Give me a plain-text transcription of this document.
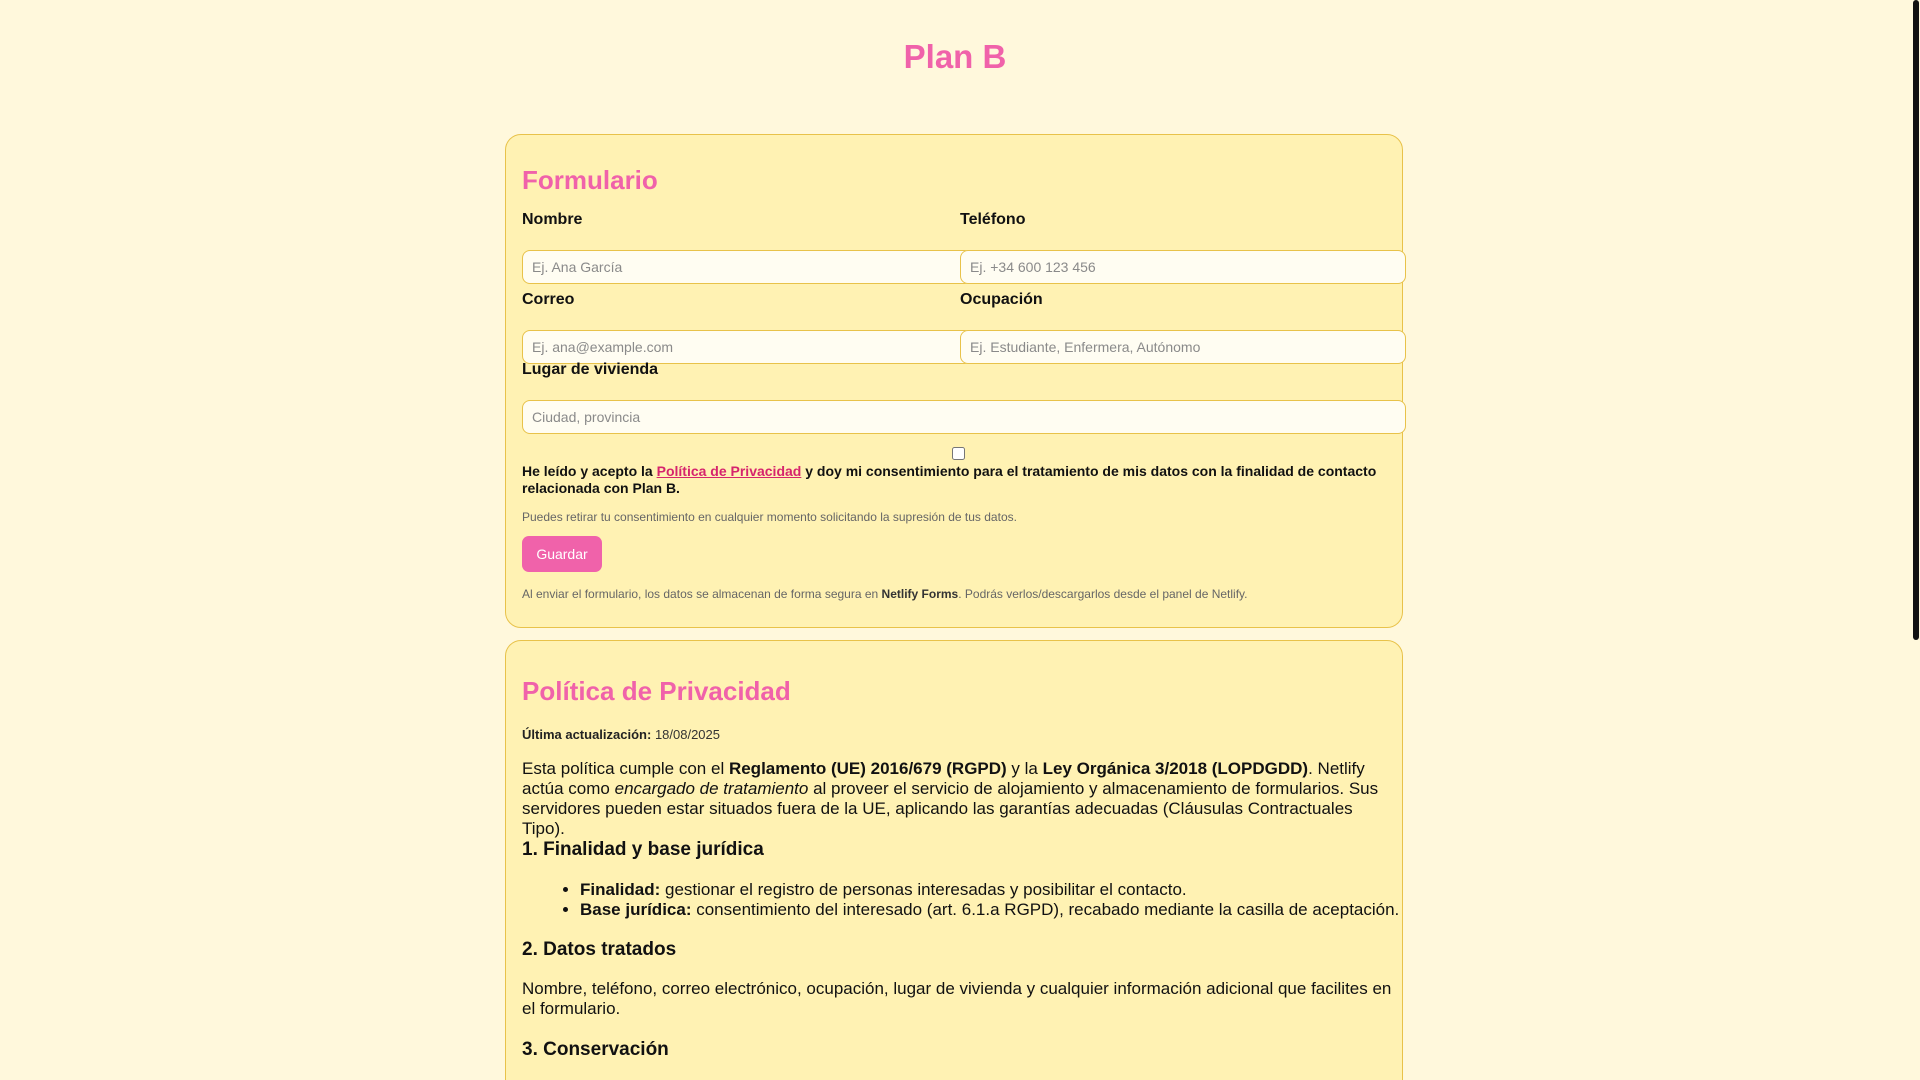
Plan B
Formulario
Nombre
Ej. Ana García	Teléfono
Ej. +34 600 123 456
Correo
Ej. ana@example.com	Ocupación
Ej. Estudiante, Enfermera, Autónomo
Lugar de vivienda
Ciudad, provincia
He leído y acepto la Política de Privacidad y doy mi consentimiento para el tratamiento de mis datos con la finalidad de contacto relacionada con Plan B.
Puedes retirar tu consentimiento en cualquier momento solicitando la supresión de tus datos.
Guardar
Al enviar el formulario, los datos se almacenan de forma segura en Netlify Forms. Podrás verlos/descargarlos desde el panel de Netlify.
Política de Privacidad
Última actualización: 18/08/2025

Esta política cumple con el Reglamento (UE) 2016/679 (RGPD) y la Ley Orgánica 3/2018 (LOPDGDD). Netlify actúa como encargado de tratamiento al proveer el servicio de alojamiento y almacenamiento de formularios. Sus servidores pueden estar situados fuera de la UE, aplicando las garantías adecuadas (Cláusulas Contractuales Tipo).

1. Finalidad y base jurídica
• Finalidad: gestionar el registro de personas interesadas y posibilitar el contacto.
• Base jurídica: consentimiento del interesado (art. 6.1.a RGPD), recabado mediante la casilla de aceptación.
2. Datos tratados

Nombre, teléfono, correo electrónico, ocupación, lugar de vivienda y cualquier información adicional que facilites en el formulario.

3. Conservación
